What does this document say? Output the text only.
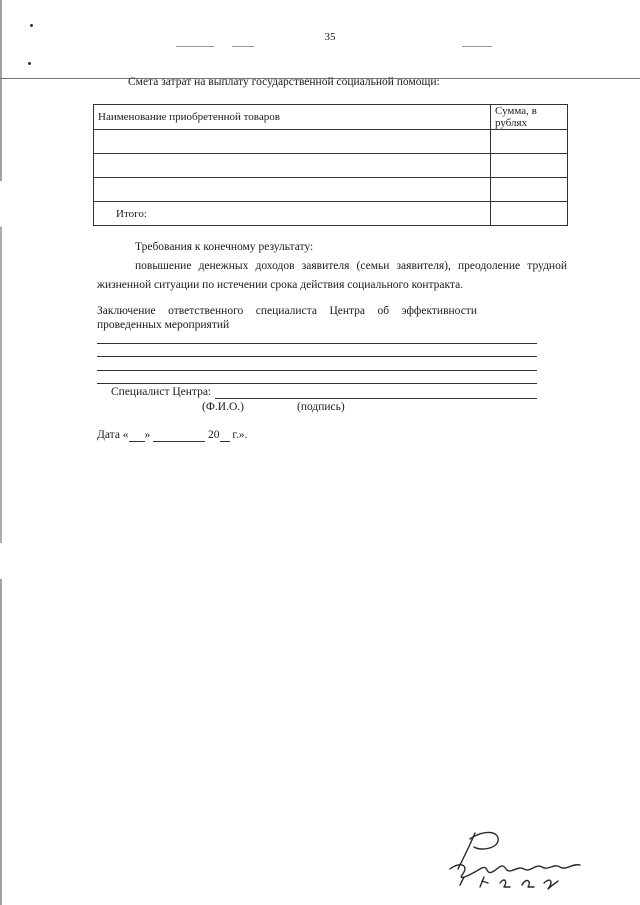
35
Смета затрат на выплату государственной социальной помощи:
Наименование приобретенной товаров	Сумма, в рублях

Итого:	
Требования к конечному результату:
повышение денежных доходов заявителя (семьи заявителя), преодоление трудной жизненной ситуации по истечении срока действия социального контракта.
Заключение ответственного специалиста Центра об эффективности
проведенных мероприятий
Специалист Центра:
(Ф.И.О.)	(подпись)
Дата « »	20 г.».
